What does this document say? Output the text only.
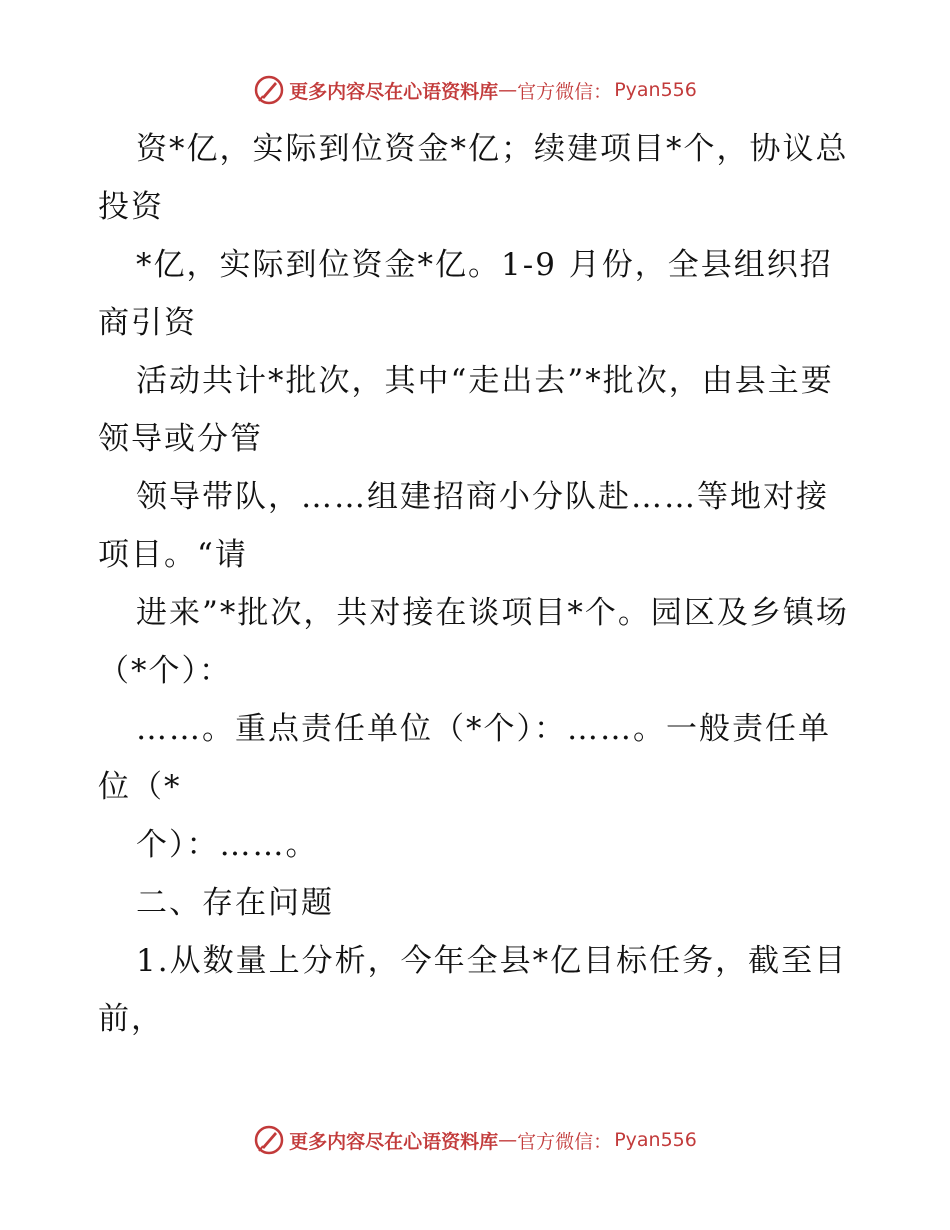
更多内容尽在心语资料库 — 官方微信： Pyan556

资*亿，实际到位资金*亿；续建项目*个，协议总投资

*亿，实际到位资金*亿。1-9 月份，全县组织招商引资

活动共计*批次，其中“走出去”*批次，由县主要领导或分管

领导带队，……组建招商小分队赴……等地对接项目。“请

进来”*批次，共对接在谈项目*个。园区及乡镇场（*个）：

……。重点责任单位（*个）：……。一般责任单位（*

个）：……。

二、存在问题

1.从数量上分析，今年全县*亿目标任务，截至目前，

更多内容尽在心语资料库 — 官方微信： Pyan556
